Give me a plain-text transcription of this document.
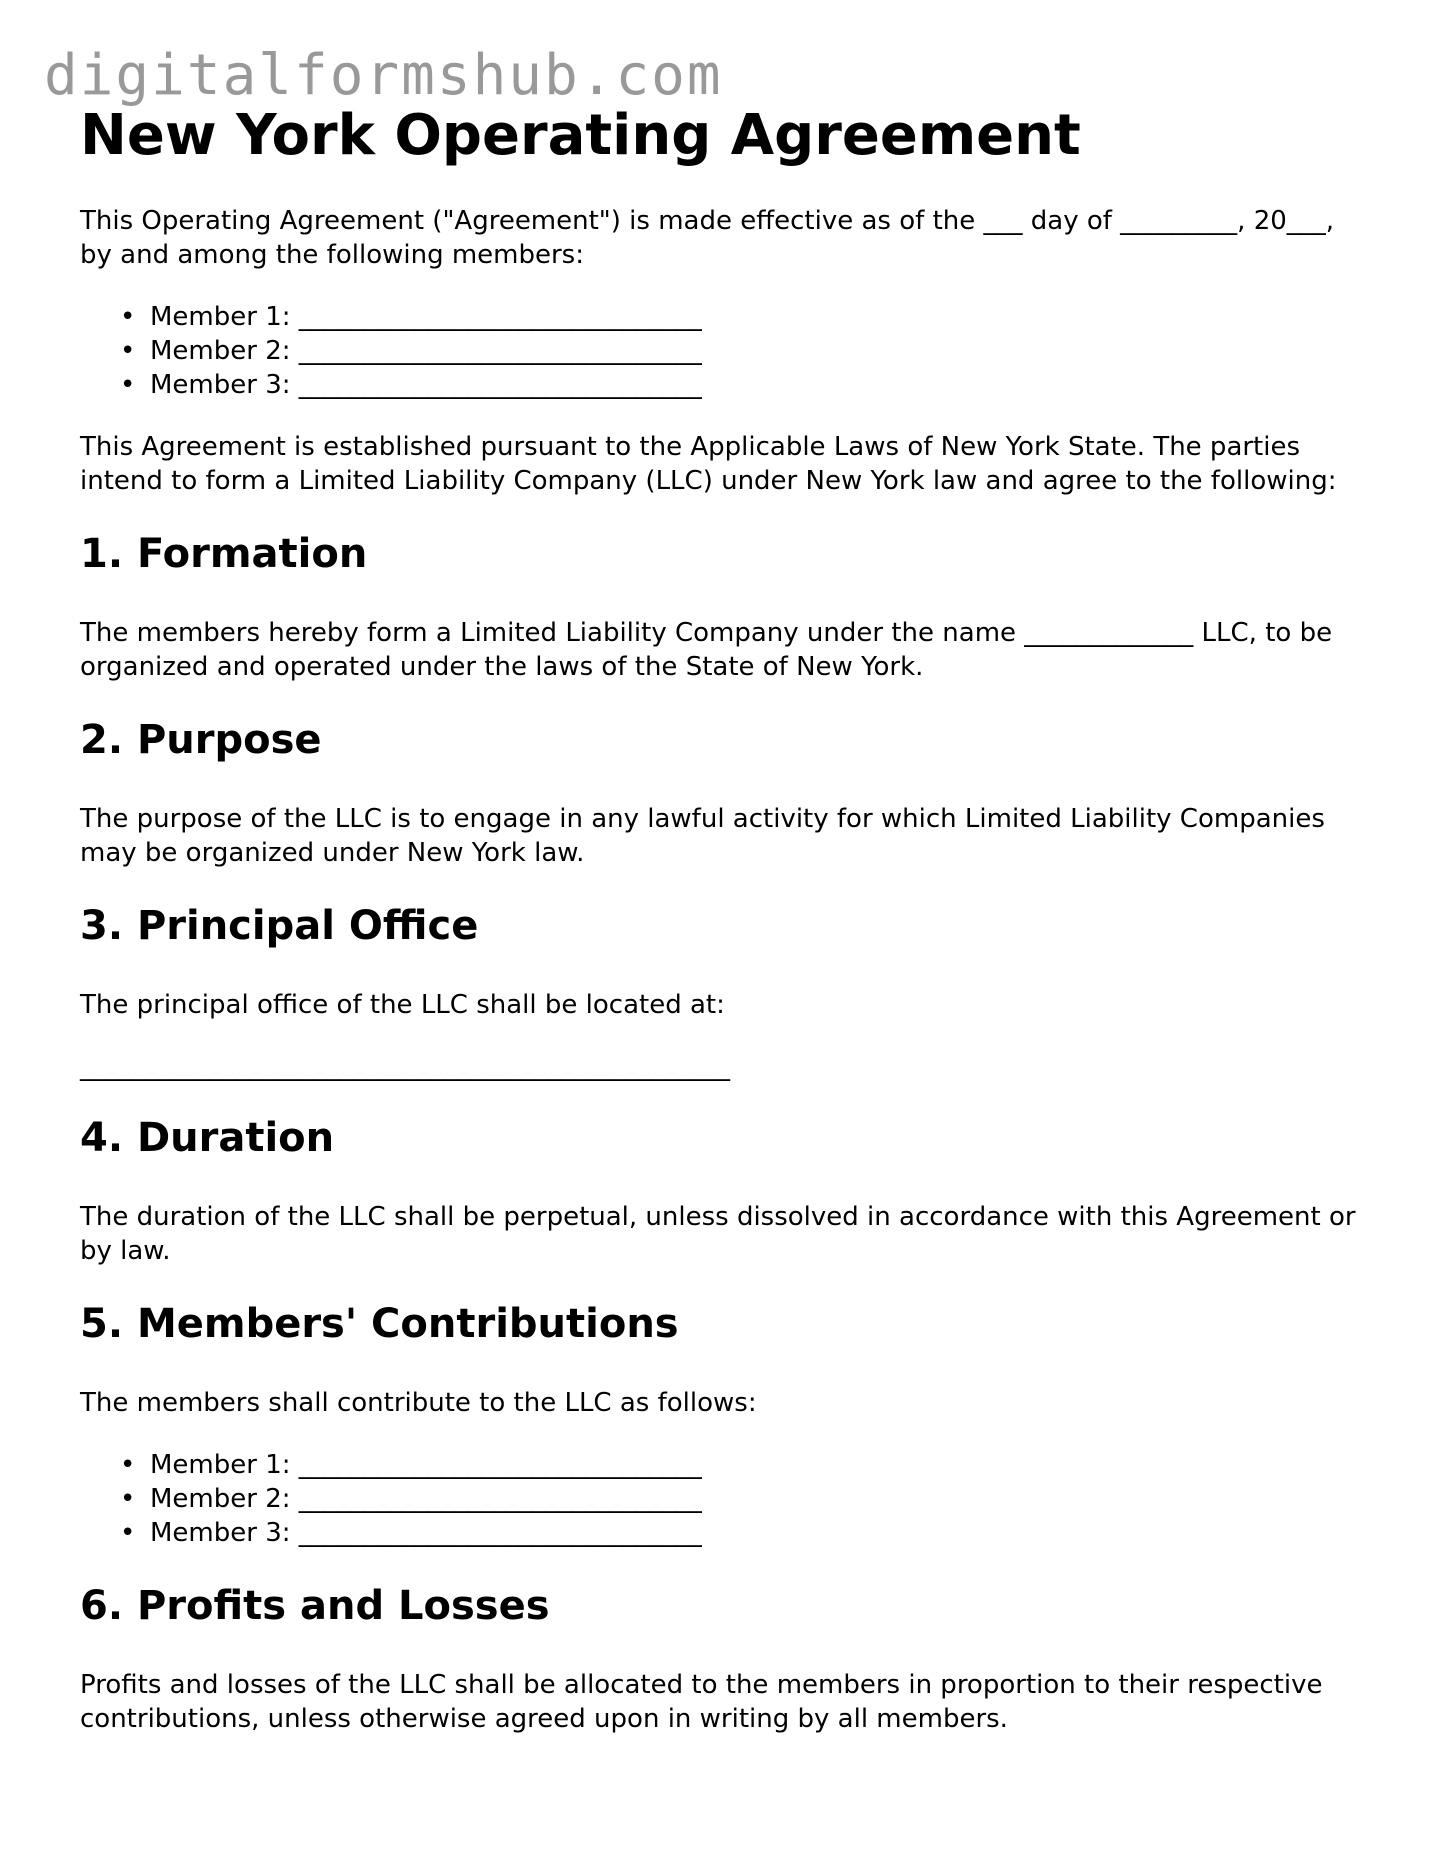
digitalformshub.com
New York Operating Agreement

This Operating Agreement ("Agreement") is made effective as of the ___ day of _________, 20___, by and among the following members:

• Member 1: _______________________________
• Member 2: _______________________________
• Member 3: _______________________________

This Agreement is established pursuant to the Applicable Laws of New York State. The parties intend to form a Limited Liability Company (LLC) under New York law and agree to the following:

1. Formation

The members hereby form a Limited Liability Company under the name _____________ LLC, to be organized and operated under the laws of the State of New York.

2. Purpose

The purpose of the LLC is to engage in any lawful activity for which Limited Liability Companies may be organized under New York law.

3. Principal Office

The principal office of the LLC shall be located at:

__________________________________________________

4. Duration

The duration of the LLC shall be perpetual, unless dissolved in accordance with this Agreement or by law.

5. Members' Contributions

The members shall contribute to the LLC as follows:

• Member 1: _______________________________
• Member 2: _______________________________
• Member 3: _______________________________
6. Profits and Losses

Profits and losses of the LLC shall be allocated to the members in proportion to their respective contributions, unless otherwise agreed upon in writing by all members.
